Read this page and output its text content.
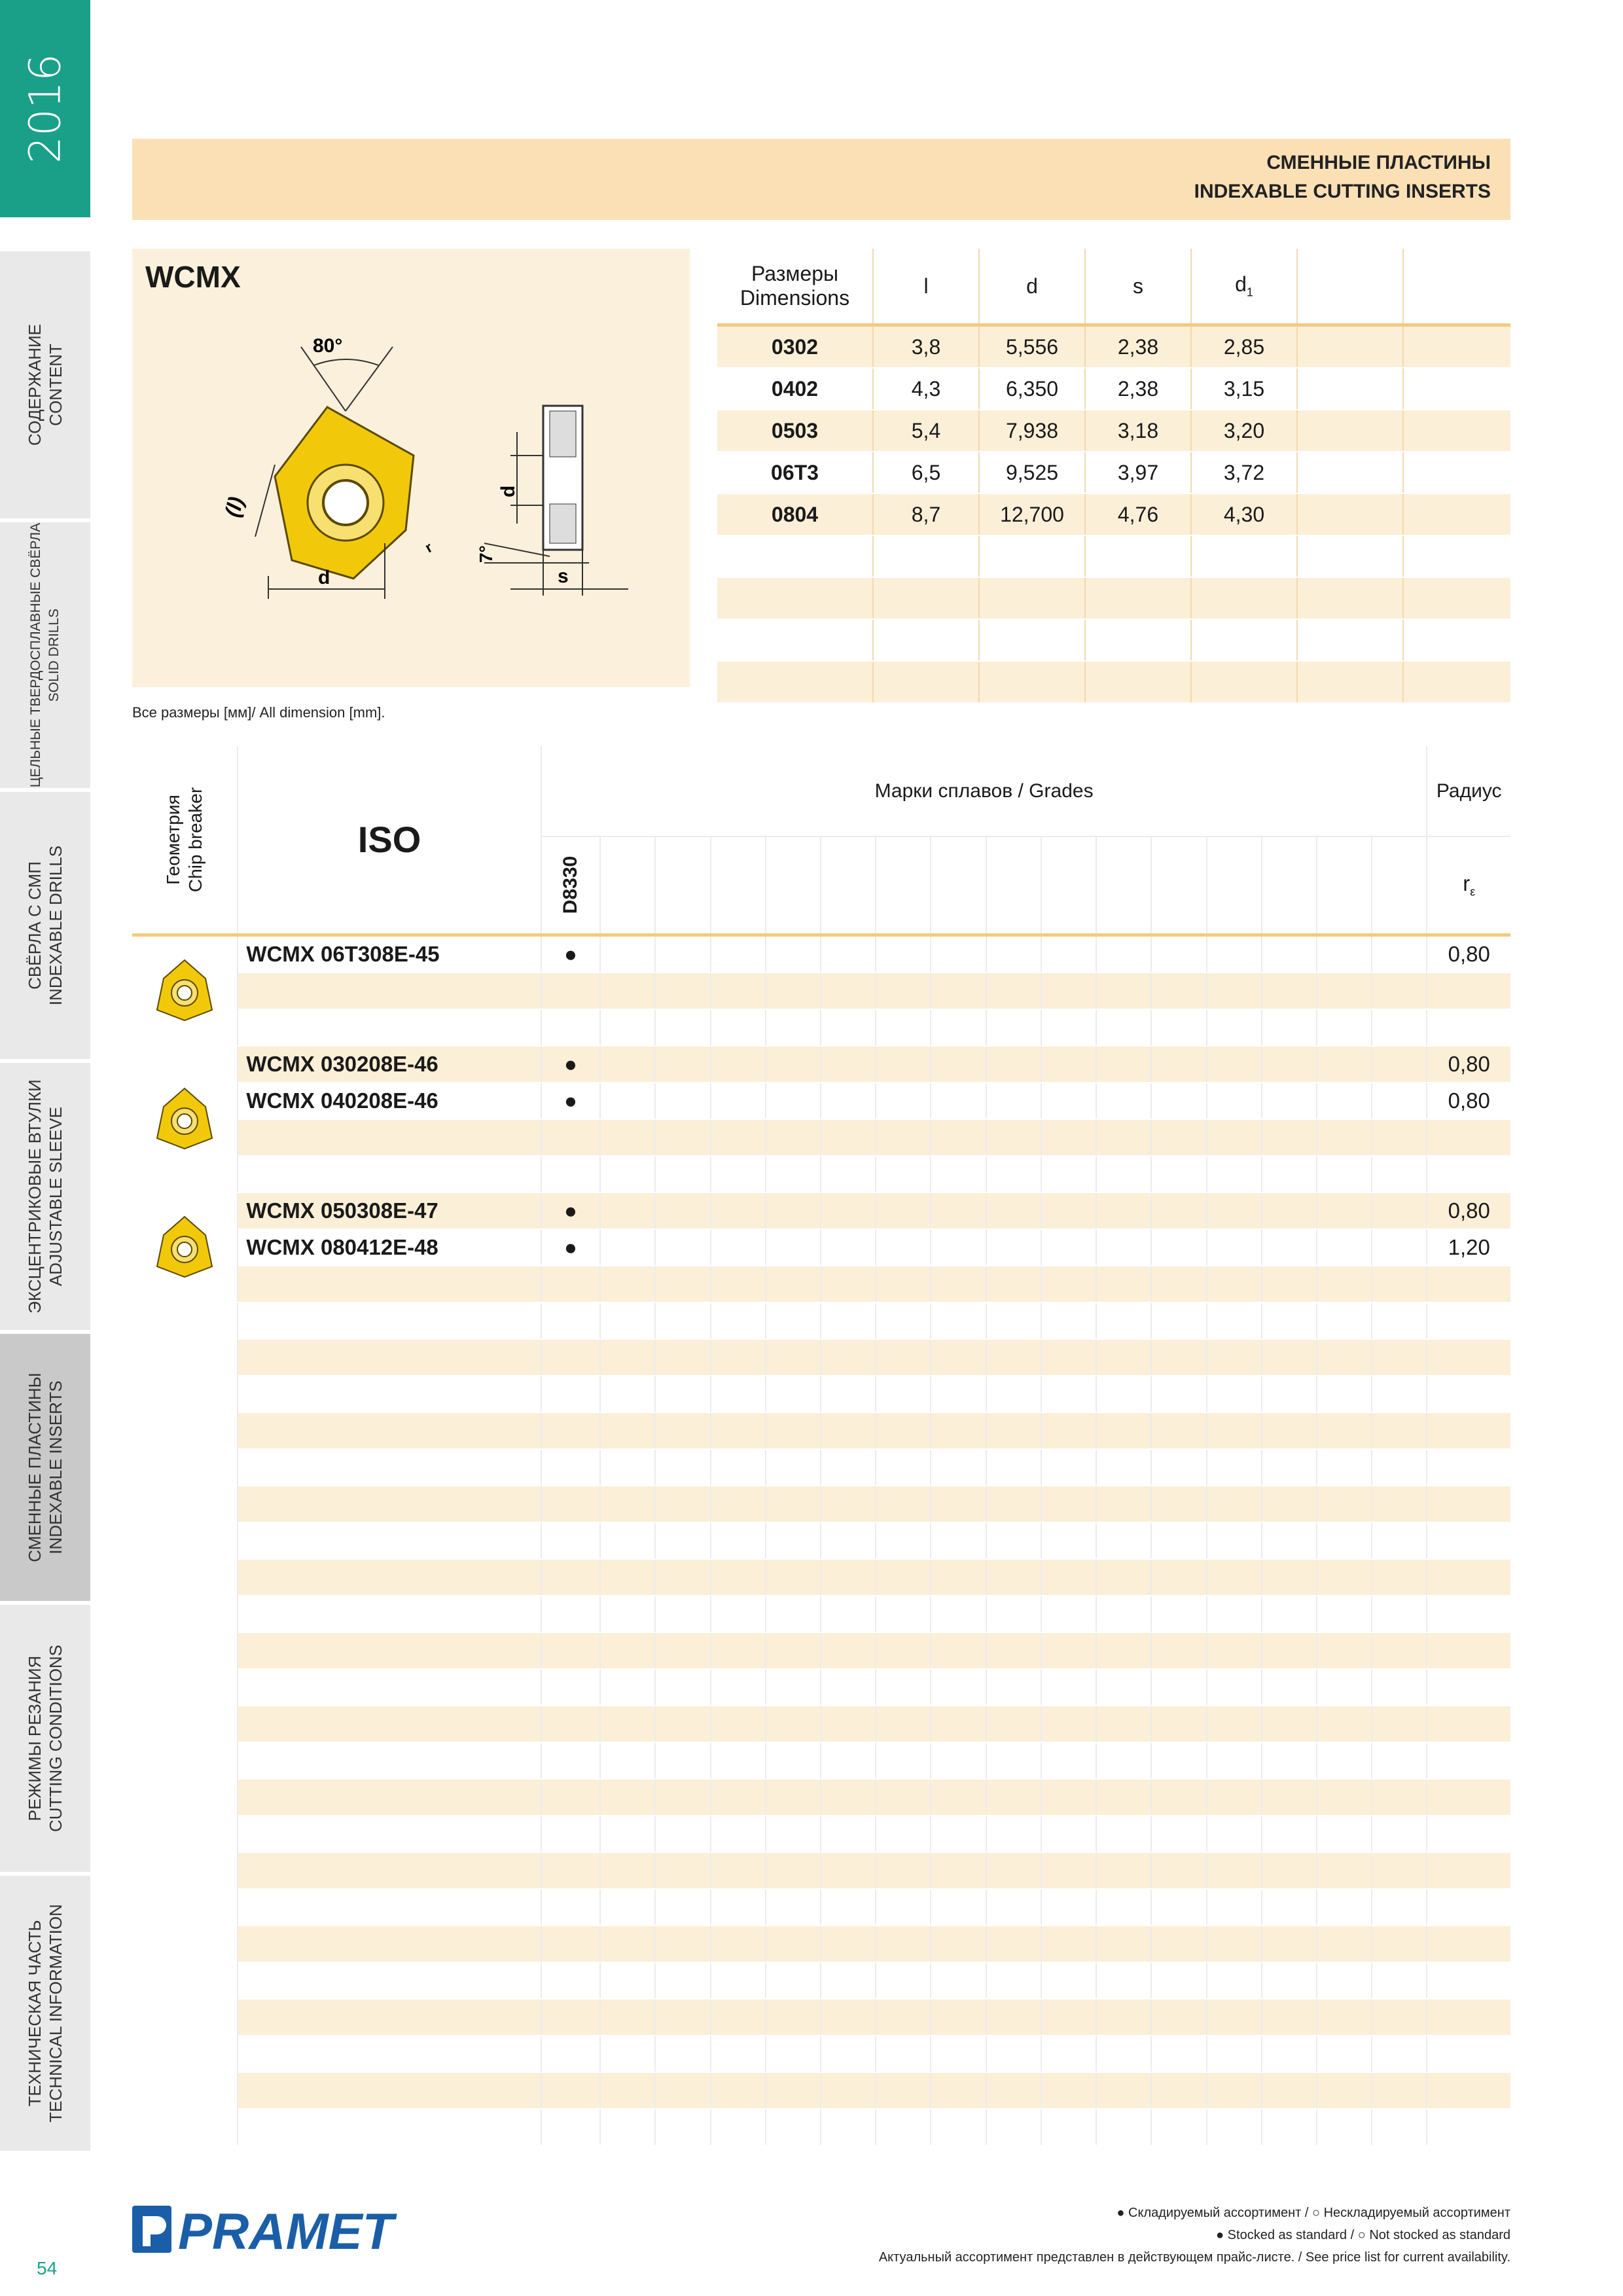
2016
СОДЕРЖАНИЕ CONTENT
ЦЕЛЬНЫЕ ТВЕРДОСПЛАВНЫЕ СВЁРЛА SOLID DRILLS
СВЁРЛА С СМП INDEXABLE DRILLS
ЭКСЦЕНТРИКОВЫЕ ВТУЛКИ ADJUSTABLE SLEEVE
СМЕННЫЕ ПЛАСТИНЫ INDEXABLE INSERTS
РЕЖИМЫ РЕЗАНИЯ CUTTING CONDITIONS
ТЕХНИЧЕСКАЯ ЧАСТЬ TECHNICAL INFORMATION
СМЕННЫЕ ПЛАСТИНЫ
INDEXABLE CUTTING INSERTS
WCMX
80°
(l)
d
r
d
7°
s
Размеры
Dimensions	l	d	s	$d_1$		
0302	3,8	5,556	2,38	2,85		
0402	4,3	6,350	2,38	3,15		
0503	5,4	7,938	3,18	3,20		
06T3	6,5	9,525	3,97	3,72		
0804	8,7	12,700	4,76	4,30		

Все размеры [мм]/ All dimension [mm].
Геометрия Chip breaker	ISO	Марки сплавов / Grades																Радиус

		D8330																$r_\varepsilon$
	WCMX 06T308E-45	●																0,80

	WCMX 030208E-46	●																0,80
	WCMX 040208E-46	●																0,80

	WCMX 050308E-47	●																0,80
	WCMX 080412E-48	●																1,20

PRAMET	● Складируемый ассортимент / ○ Нескладируемый ассортимент
● Stocked as standard / ○ Not stocked as standard
Актуальный ассортимент представлен в действующем прайс-листе. / See price list for current availability.
54
